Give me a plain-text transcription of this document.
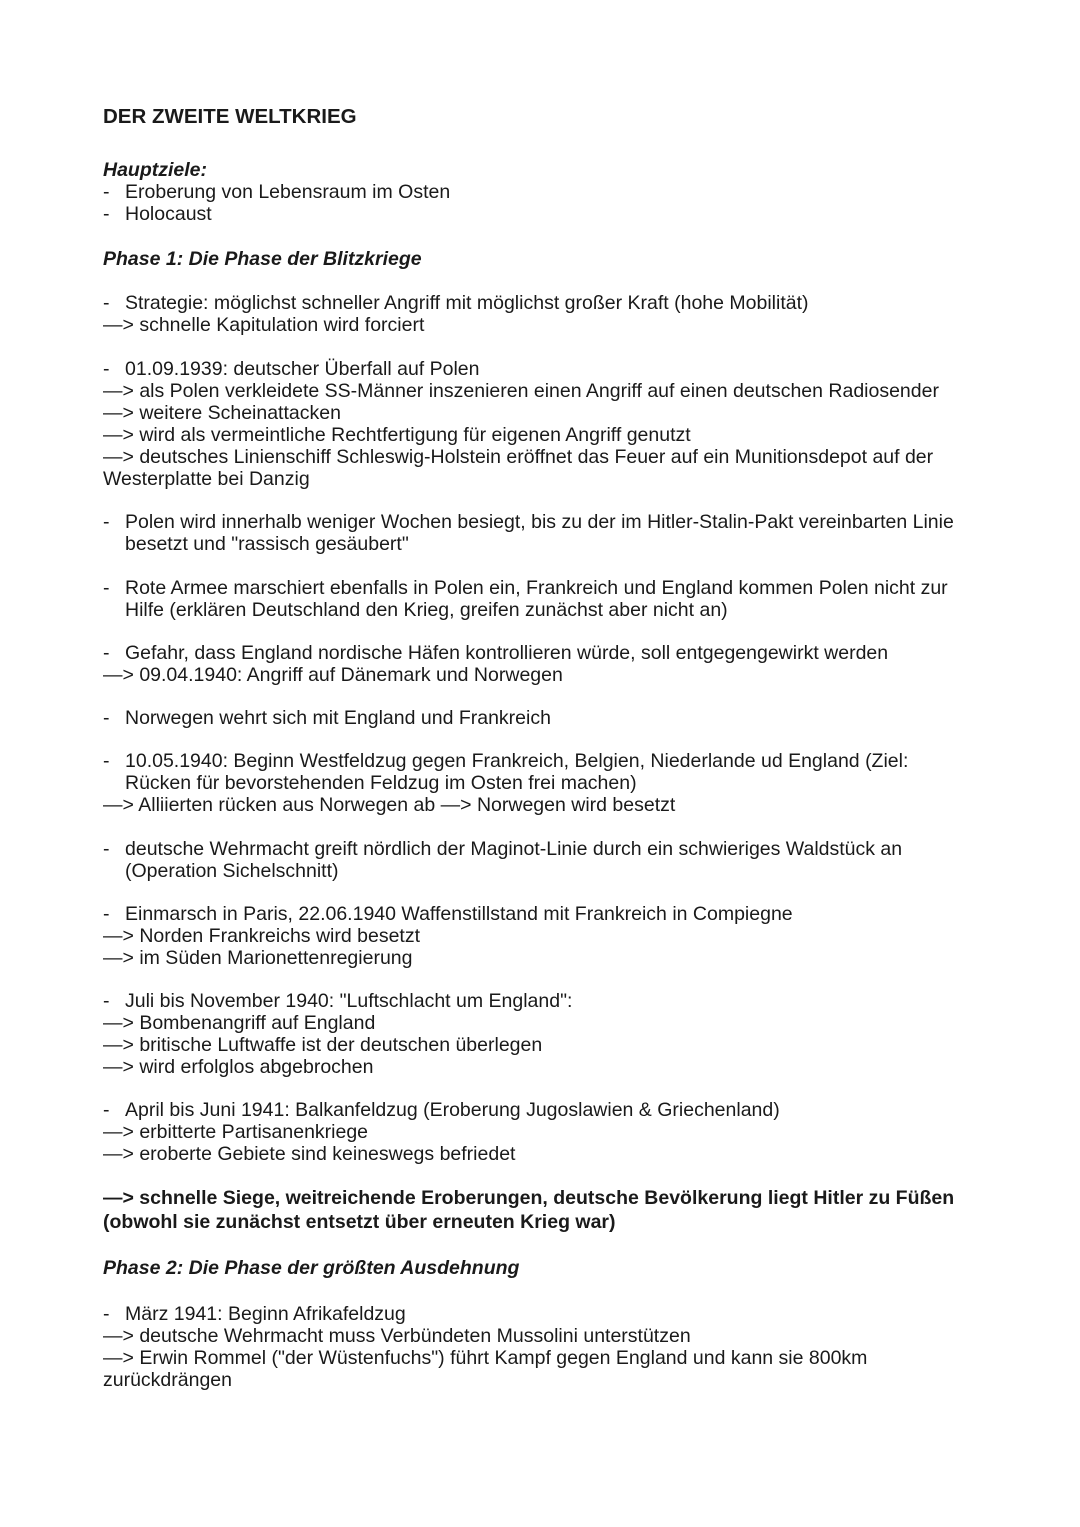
DER ZWEITE WELTKRIEG
Hauptziele:
- Eroberung von Lebensraum im Osten
- Holocaust
Phase 1: Die Phase der Blitzkriege
- Strategie: möglichst schneller Angriff mit möglichst großer Kraft (hohe Mobilität)
—> schnelle Kapitulation wird forciert
- 01.09.1939: deutscher Überfall auf Polen
—> als Polen verkleidete SS-Männer inszenieren einen Angriff auf einen deutschen Radiosender
—> weitere Scheinattacken
—> wird als vermeintliche Rechtfertigung für eigenen Angriff genutzt
—> deutsches Linienschiff Schleswig-Holstein eröffnet das Feuer auf ein Munitionsdepot auf der
Westerplatte bei Danzig
- Polen wird innerhalb weniger Wochen besiegt, bis zu der im Hitler-Stalin-Pakt vereinbarten Linie
besetzt und "rassisch gesäubert"
- Rote Armee marschiert ebenfalls in Polen ein, Frankreich und England kommen Polen nicht zur
Hilfe (erklären Deutschland den Krieg, greifen zunächst aber nicht an)
- Gefahr, dass England nordische Häfen kontrollieren würde, soll entgegengewirkt werden
—> 09.04.1940: Angriff auf Dänemark und Norwegen
- Norwegen wehrt sich mit England und Frankreich
- 10.05.1940: Beginn Westfeldzug gegen Frankreich, Belgien, Niederlande ud England (Ziel:
Rücken für bevorstehenden Feldzug im Osten frei machen)
—> Alliierten rücken aus Norwegen ab —> Norwegen wird besetzt
- deutsche Wehrmacht greift nördlich der Maginot-Linie durch ein schwieriges Waldstück an
(Operation Sichelschnitt)
- Einmarsch in Paris, 22.06.1940 Waffenstillstand mit Frankreich in Compiegne
—> Norden Frankreichs wird besetzt
—> im Süden Marionettenregierung
- Juli bis November 1940: "Luftschlacht um England":
—> Bombenangriff auf England
—> britische Luftwaffe ist der deutschen überlegen
—> wird erfolglos abgebrochen
- April bis Juni 1941: Balkanfeldzug (Eroberung Jugoslawien & Griechenland)
—> erbitterte Partisanenkriege
—> eroberte Gebiete sind keineswegs befriedet
—> schnelle Siege, weitreichende Eroberungen, deutsche Bevölkerung liegt Hitler zu Füßen
(obwohl sie zunächst entsetzt über erneuten Krieg war)
Phase 2: Die Phase der größten Ausdehnung
- März 1941: Beginn Afrikafeldzug
—> deutsche Wehrmacht muss Verbündeten Mussolini unterstützen
—> Erwin Rommel ("der Wüstenfuchs") führt Kampf gegen England und kann sie 800km
zurückdrängen
